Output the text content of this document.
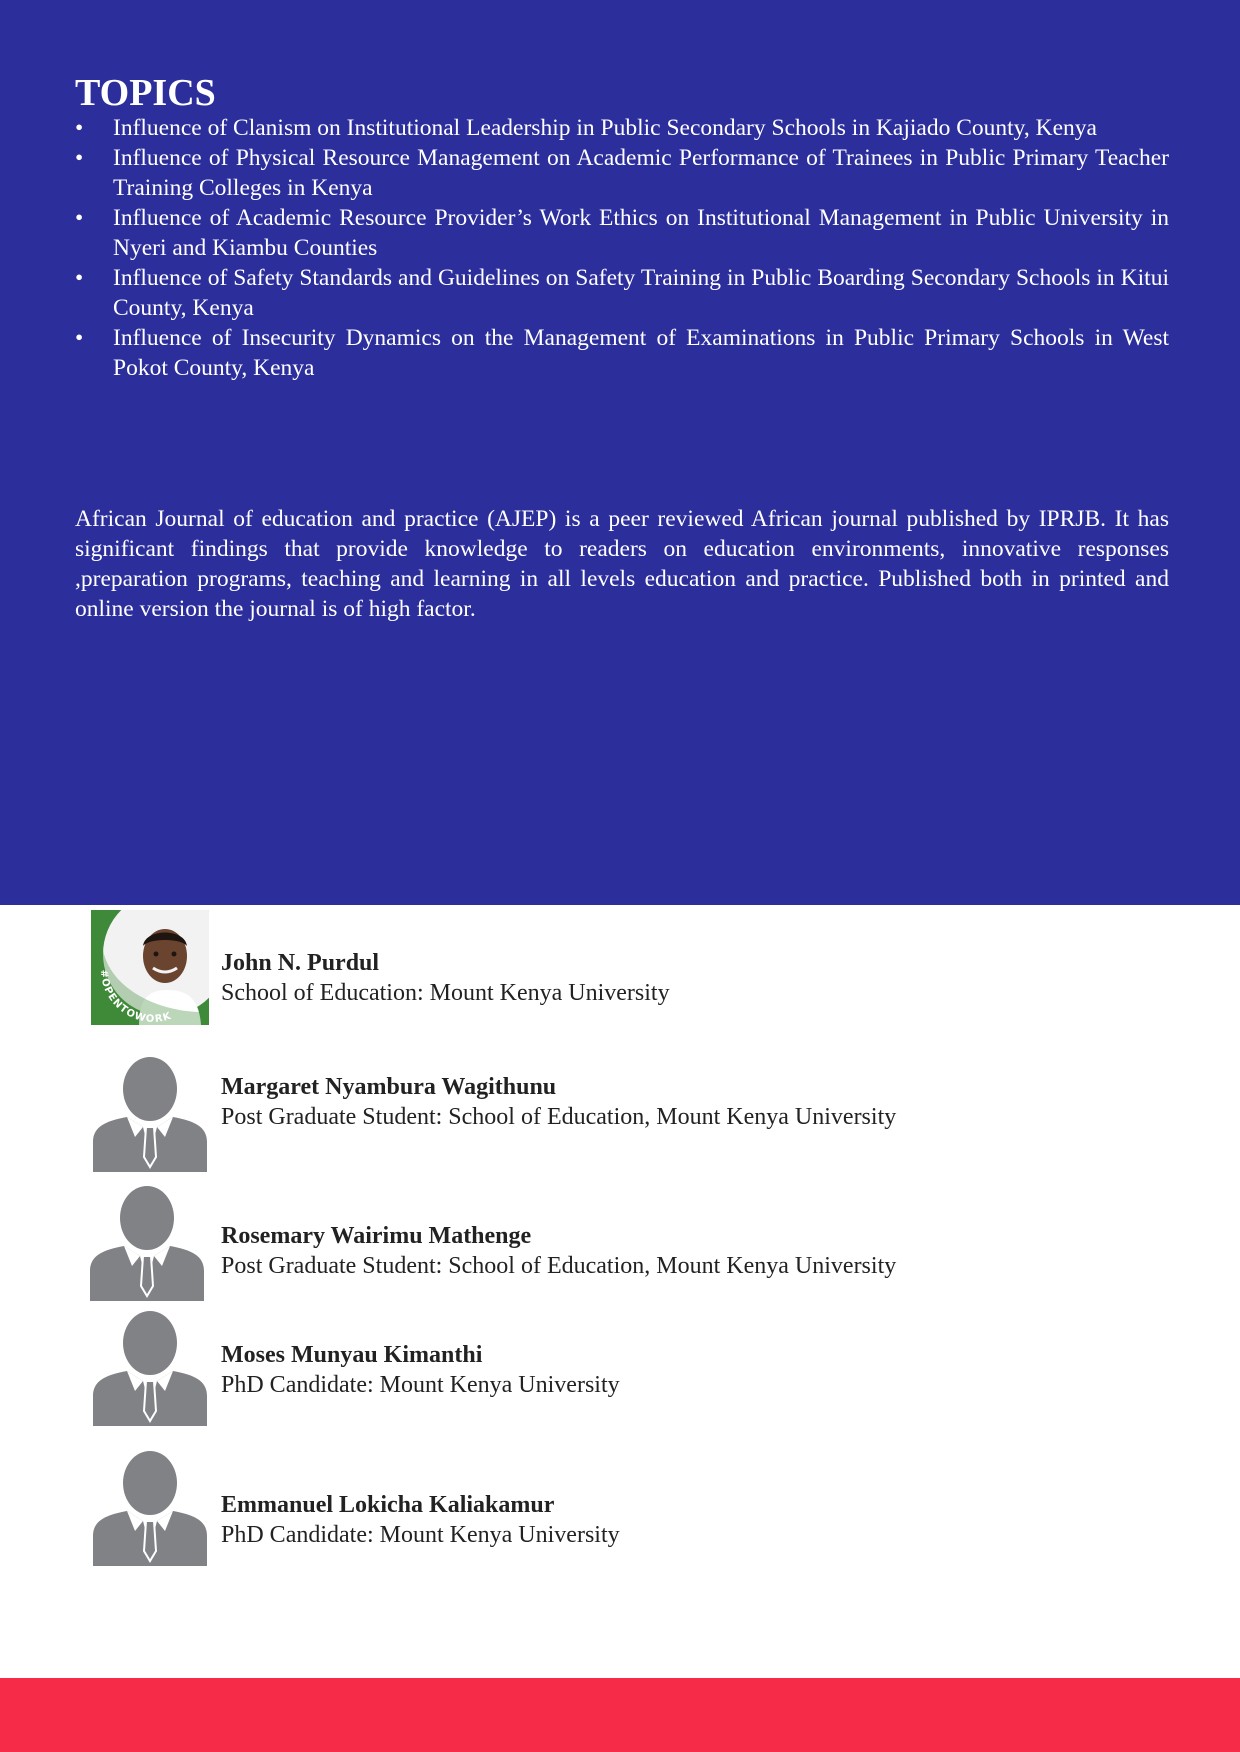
TOPICS
• Influence of Clanism on Institutional Leadership in Public Secondary Schools in Kajiado County, Kenya
• Influence of Physical Resource Management on Academic Performance of Trainees in Public Primary Teacher Training Colleges in Kenya
• Influence of Academic Resource Provider’s Work Ethics on Institutional Management in Public University in Nyeri and Kiambu Counties
• Influence of Safety Standards and Guidelines on Safety Training in Public Boarding Secondary Schools in Kitui County, Kenya
• Influence of Insecurity Dynamics on the Management of Examinations in Public Primary Schools in West Pokot County, Kenya

African Journal of education and practice (AJEP) is a peer reviewed African journal published by IPRJB. It has significant findings that provide knowledge to readers on education environments, innovative responses ,preparation programs, teaching and learning in all levels education and practice. Published both in printed and online version the journal is of high factor.

#OPENTOWORK
John N. Purdul
School of Education: Mount Kenya University
Margaret Nyambura Wagithunu
Post Graduate Student: School of Education, Mount Kenya University
Rosemary Wairimu Mathenge
Post Graduate Student: School of Education, Mount Kenya University
Moses Munyau Kimanthi
PhD Candidate: Mount Kenya University
Emmanuel Lokicha Kaliakamur
PhD Candidate: Mount Kenya University
